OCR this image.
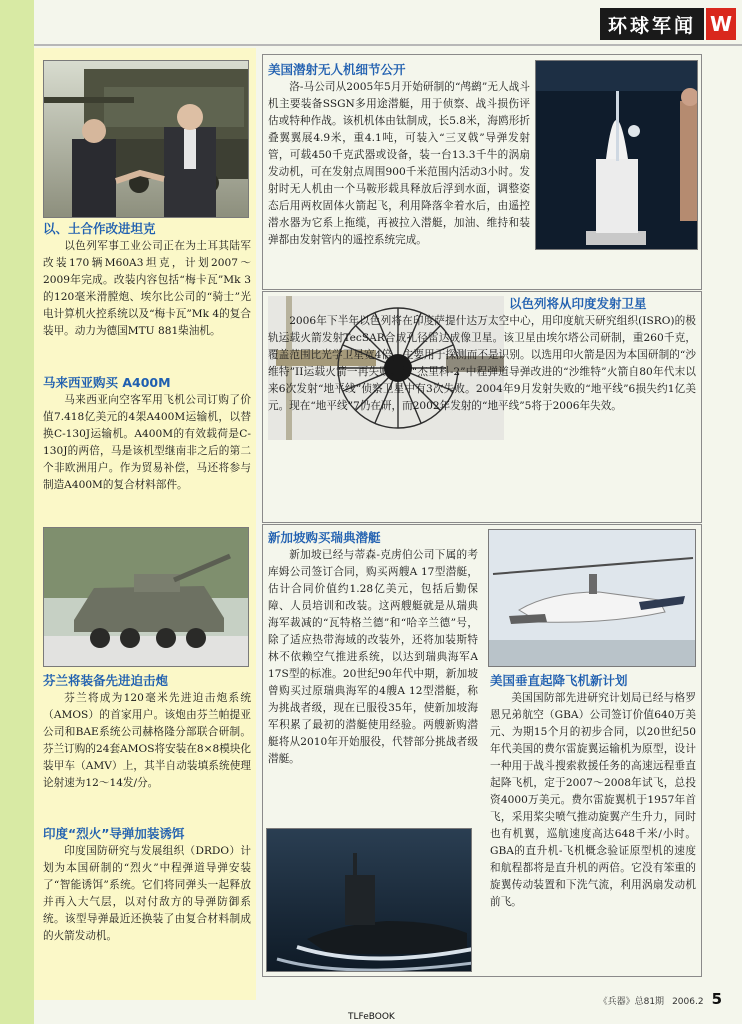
环球军闻 W
以、土合作改进坦克
以色列军事工业公司正在为土耳其陆军改装170辆M60A3坦克，计划2007～2009年完成。改装内容包括“梅卡瓦”Mk 3的120毫米滑膛炮、埃尔比公司的“骑士”光电计算机火控系统以及“梅卡瓦”Mk 4的复合装甲。动力为德国MTU 881柴油机。
马来西亚购买 A400M
马来西亚向空客军用飞机公司订购了价值7.418亿美元的4架A400M运输机，以替换C-130J运输机。A400M的有效载荷是C-130J的两倍，马是该机型继南非之后的第二个非欧洲用户。作为贸易补偿，马还将参与制造A400M的复合材料部件。
芬兰将装备先进迫击炮
芬兰将成为120毫米先进迫击炮系统（AMOS）的首家用户。该炮由芬兰帕提亚公司和BAE系统公司赫格隆分部联合研制。芬兰订购的24套AMOS将安装在8×8模块化装甲车（AMV）上，其半自动装填系统使理论射速为12～14发/分。
印度“烈火”导弹加装诱饵
印度国防研究与发展组织（DRDO）计划为本国研制的“烈火”中程弹道导弹安装了“智能诱饵”系统。它们将同弹头一起释放并再入大气层，以对付敌方的导弹防御系统。该型导弹最近还换装了由复合材料制成的火箭发动机。
美国潜射无人机细节公开
洛-马公司从2005年5月开始研制的“鸬鹚”无人战斗机主要装备SSGN多用途潜艇，用于侦察、战斗损伤评估或特种作战。该机机体由钛制成，长5.8米，海鸥形折叠翼翼展4.9米，重4.1吨，可装入“三叉戟”导弹发射管，可载450千克武器或设备，装一台13.3千牛的涡扇发动机，可在发射点周围900千米范围内活动3小时。发射时无人机由一个马鞍形载具释放后浮到水面，调整姿态后用两枚固体火箭起飞，利用降落伞着水后，由遥控潜水器为它系上拖缆，再被拉入潜艇，加油、维持和装弹都由发射管内的遥控系统完成。
以色列将从印度发射卫星
2006年下半年以色列将在印度萨提什达万太空中心，用印度航天研究组织(ISRO)的极轨运载火箭发射TecSAR合成孔径雷达成像卫星。该卫星由埃尔塔公司研制，重260千克，覆盖范围比光学卫星宽4倍，主要用于探测而不是识别。以选用印火箭是因为本国研制的“沙维特”II运载火箭一再失败。用“杰里科-2”中程弹道导弹改进的“沙维特”火箭自80年代末以来6次发射“地平线”侦察卫星中有3次失败。2004年9月发射失败的“地平线”6损失约1亿美元。现在“地平线”7仍在研，而2002年发射的“地平线”5将于2006年失效。
新加坡购买瑞典潜艇
新加坡已经与蒂森-克虏伯公司下属的考库姆公司签订合同，购买两艘A 17型潜艇，估计合同价值约1.28亿美元，包括后勤保障、人员培训和改装。这两艘艇就是从瑞典海军裁减的“瓦特格兰德”和“哈辛兰德”号，除了适应热带海域的改装外，还将加装斯特林不依赖空气推进系统，以达到瑞典海军A 17S型的标准。20世纪90年代中期，新加坡曾购买过原瑞典海军的4艘A 12型潜艇，称为挑战者级，现在已服役35年，使新加坡海军积累了最初的潜艇使用经验。两艘新购潜艇将从2010年开始服役，代替部分挑战者级潜艇。
美国垂直起降飞机新计划
美国国防部先进研究计划局已经与格罗恩兄弟航空（GBA）公司签订价值640万美元、为期15个月的初步合同，以20世纪50年代美国的费尔雷旋翼运输机为原型，设计一种用于战斗搜索救援任务的高速远程垂直起降飞机，定于2007～2008年试飞，总投资4000万美元。费尔雷旋翼机于1957年首飞，采用桨尖喷气推动旋翼产生升力，同时也有机翼，巡航速度高达648千米/小时。GBA的直升机-飞机概念验证原型机的速度和航程都将是直升机的两倍。它没有笨重的旋翼传动装置和下洗气流，利用涡扇发动机前飞。
《兵器》总81期 2006.2 5
TLFeBOOK
